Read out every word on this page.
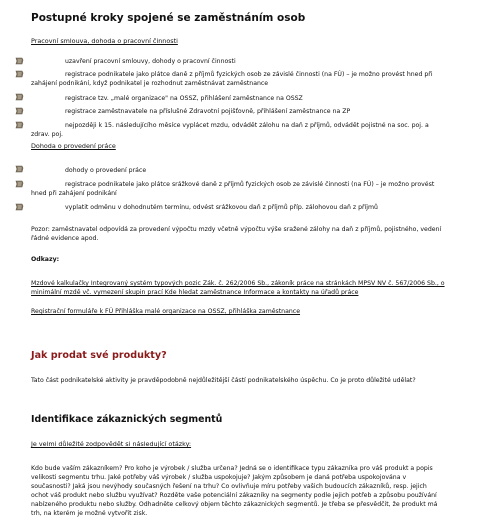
Postupné kroky spojené se zaměstnáním osob
Pracovní smlouva, dohoda o pracovní činnosti
uzavření pracovní smlouvy, dohody o pracovní činnosti
registrace podnikatele jako plátce daně z příjmů fyzických osob ze závislé činnosti (na FÚ) – je možno provést hned při zahájení podnikání, když podnikatel je rozhodnut zaměstnávat zaměstnance
registrace tzv. „malé organizace" na OSSZ, přihlášení zaměstnance na OSSZ
registrace zaměstnavatele na příslušné Zdravotní pojišťovně, přihlášení zaměstnance na ZP
nejpozději k 15. následujícího měsíce vyplácet mzdu, odvádět zálohu na daň z příjmů, odvádět pojistné na soc. poj. a zdrav. poj.
Dohoda o provedení práce
dohody o provedení práce
registrace podnikatele jako plátce srážkové daně z příjmů fyzických osob ze závislé činnosti (na FÚ) – je možno provést hned při zahájení podnikání
vyplatit odměnu v dohodnutém termínu, odvést srážkovou daň z příjmů příp. zálohovou daň z příjmů
Pozor: zaměstnavatel odpovídá za provedení výpočtu mzdy včetně výpočtu výše sražené zálohy na daň z příjmů, pojistného, vedení řádné evidence apod.
Odkazy:
Mzdové kalkulačky Integrovaný systém typových pozic Zák. č. 262/2006 Sb., zákoník práce na stránkách MPSV NV č. 567/2006 Sb., o minimální mzdě vč. vymezení skupin prací Kde hledat zaměstnance Informace a kontakty na úřadů práce
Registrační formuláře k FÚ Přihláška malé organizace na OSSZ, přihláška zaměstnance
Jak prodat své produkty?
Tato část podnikatelské aktivity je pravděpodobně nejdůležitější částí podnikatelského úspěchu. Co je proto důležité udělat?
Identifikace zákaznických segmentů
Je velmi důležité zodpovědět si následující otázky:
Kdo bude vaším zákazníkem? Pro koho je výrobek / služba určena? Jedná se o identifikace typu zákazníka pro váš produkt a popis velikosti segmentu trhu. Jaké potřeby váš výrobek / služba uspokojuje? Jakým způsobem je daná potřeba uspokojována v současnosti? Jaká jsou nevýhody současných řešení na trhu? Co ovlivňuje míru potřeby vašich budoucích zákazníků, resp. jejich ochot váš produkt nebo službu využívat? Rozděte vaše potenciální zákazníky na segmenty podle jejich potřeb a způsobu používání nabízeného produktu nebo služby. Odhadněte celkový objem těchto zákaznických segmentů. Je třeba se přesvědčit, že produkt má trh, na kterém je možné vytvořit zisk.
